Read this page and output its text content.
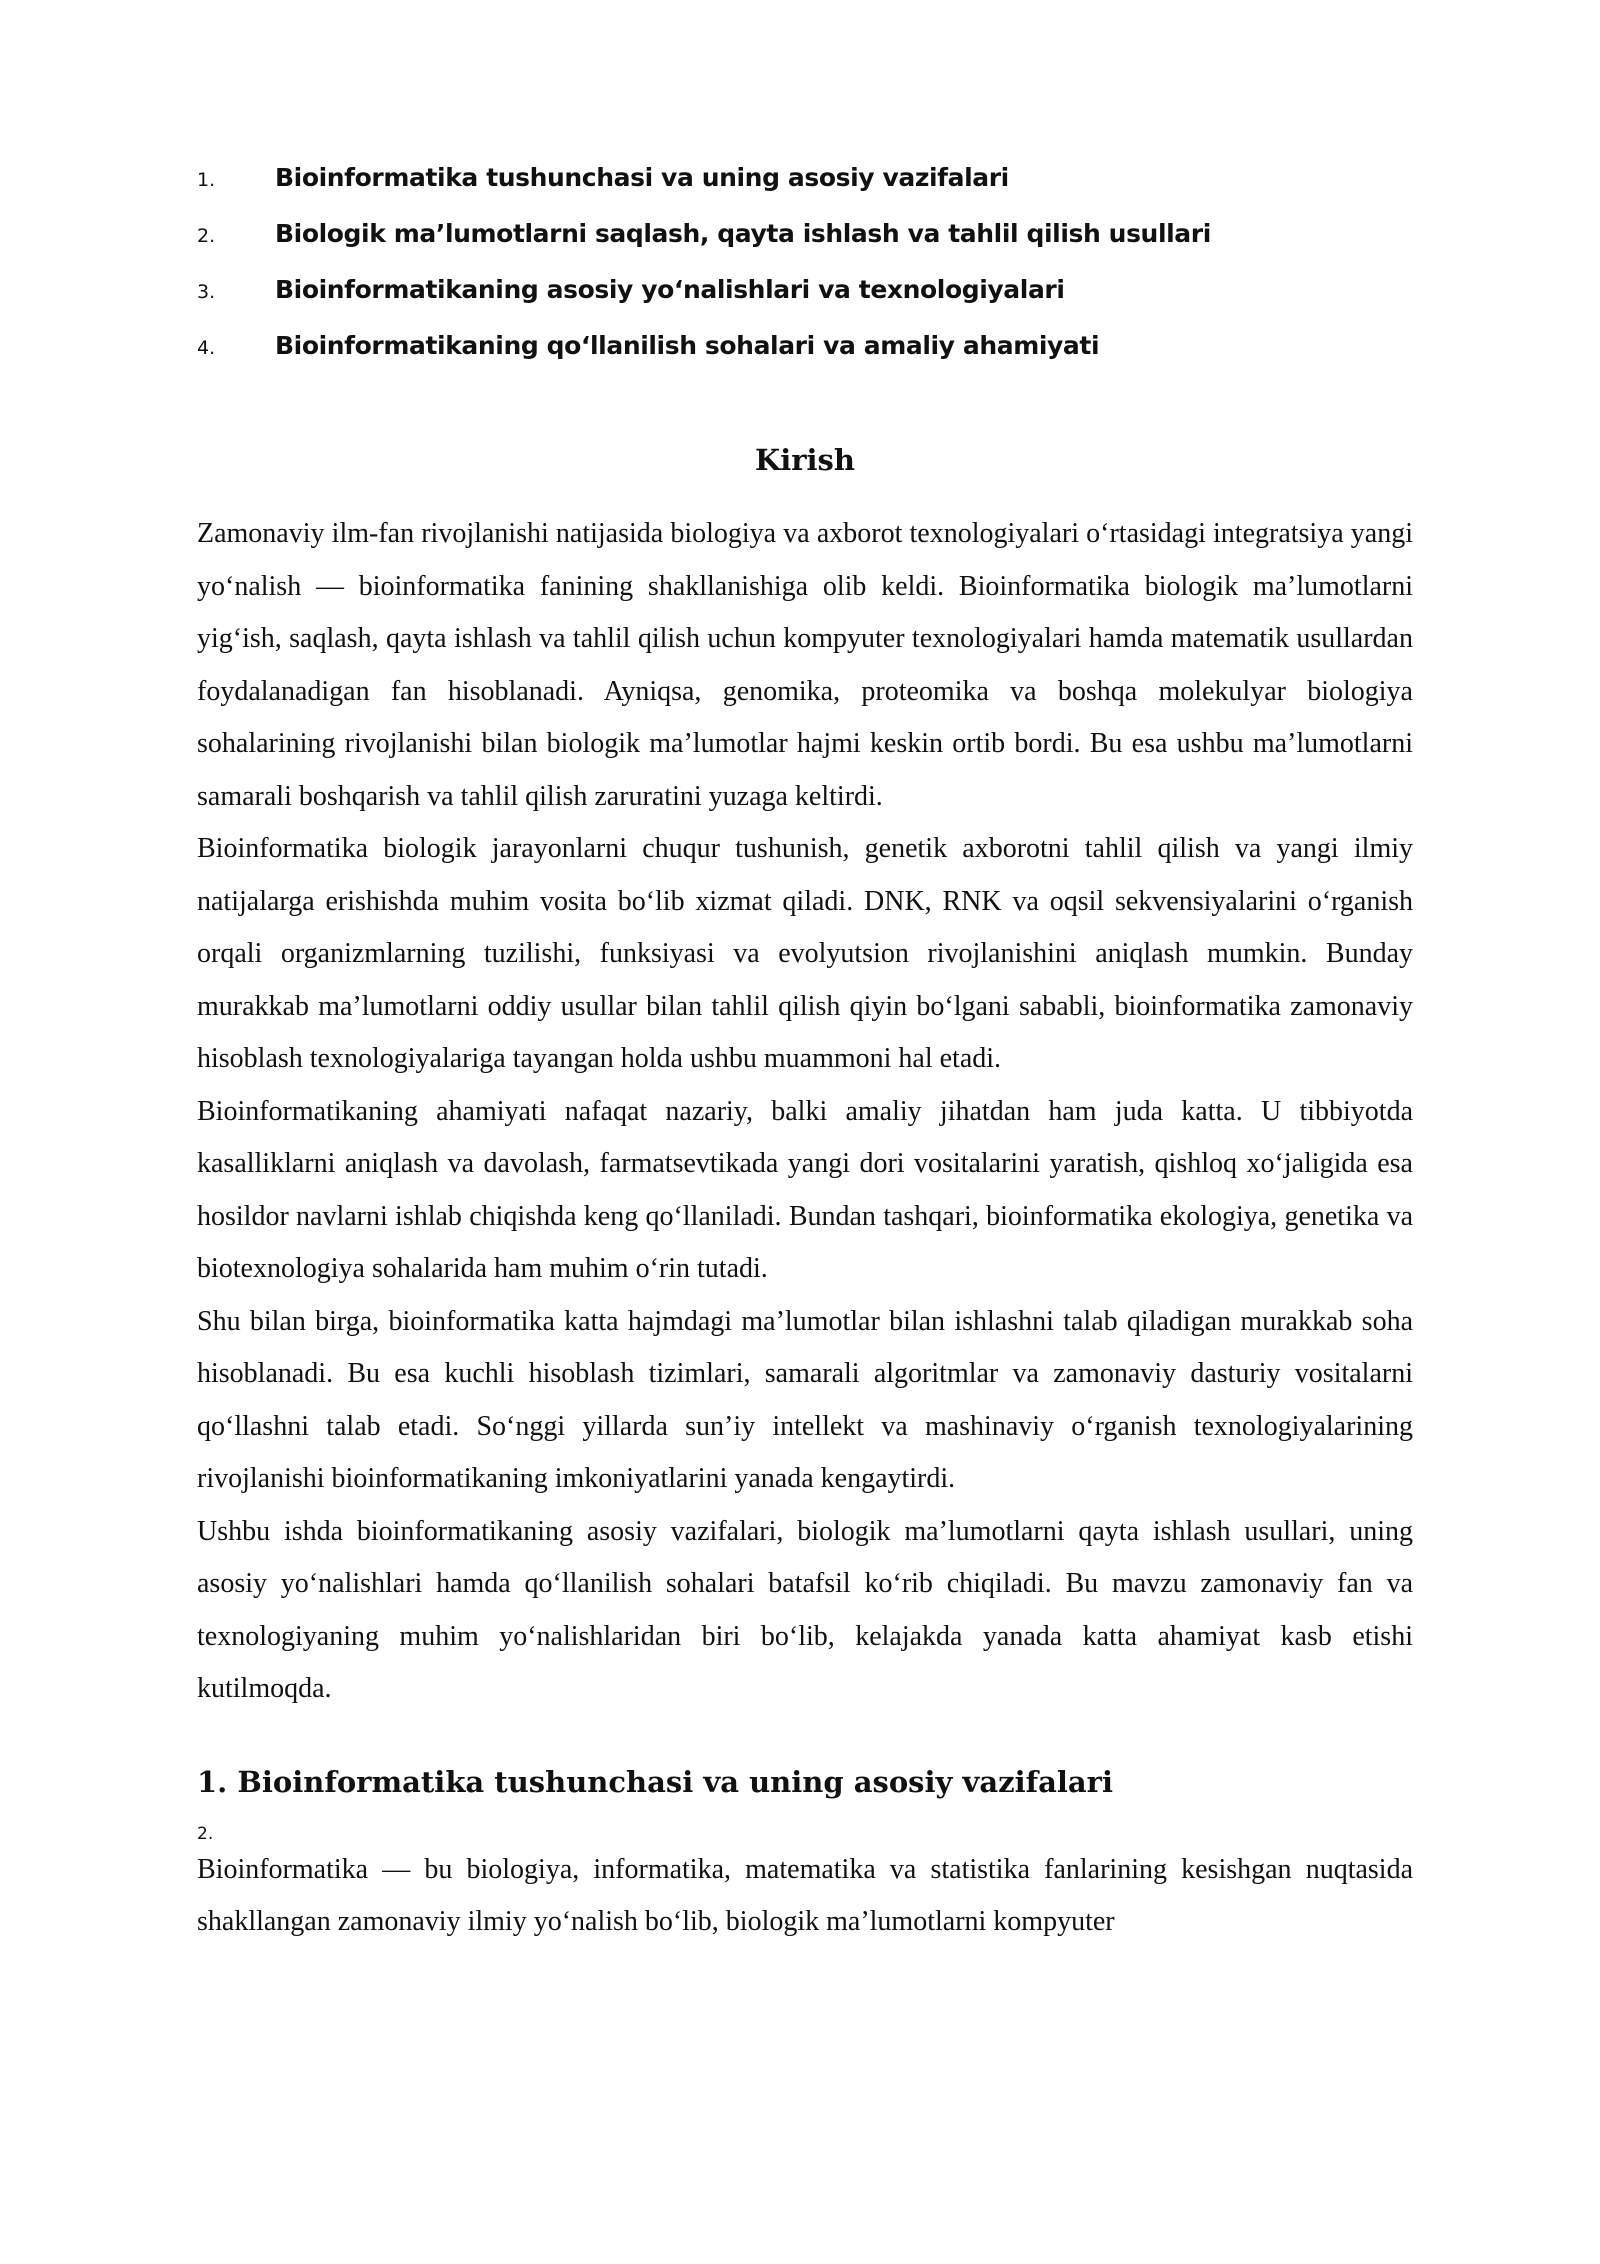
1.	Bioinformatika tushunchasi va uning asosiy vazifalari
2.	Biologik ma’lumotlarni saqlash, qayta ishlash va tahlil qilish usullari
3.	Bioinformatikaning asosiy yo‘nalishlari va texnologiyalari
4.	Bioinformatikaning qo‘llanilish sohalari va amaliy ahamiyati
Kirish

Zamonaviy ilm-fan rivojlanishi natijasida biologiya va axborot texnologiyalari o‘rtasidagi integratsiya yangi yo‘nalish — bioinformatika fanining shakllanishiga olib keldi. Bioinformatika biologik ma’lumotlarni yig‘ish, saqlash, qayta ishlash va tahlil qilish uchun kompyuter texnologiyalari hamda matematik usullardan foydalanadigan fan hisoblanadi. Ayniqsa, genomika, proteomika va boshqa molekulyar biologiya sohalarining rivojlanishi bilan biologik ma’lumotlar hajmi keskin ortib bordi. Bu esa ushbu ma’lumotlarni samarali boshqarish va tahlil qilish zaruratini yuzaga keltirdi.

Bioinformatika biologik jarayonlarni chuqur tushunish, genetik axborotni tahlil qilish va yangi ilmiy natijalarga erishishda muhim vosita bo‘lib xizmat qiladi. DNK, RNK va oqsil sekvensiyalarini o‘rganish orqali organizmlarning tuzilishi, funksiyasi va evolyutsion rivojlanishini aniqlash mumkin. Bunday murakkab ma’lumotlarni oddiy usullar bilan tahlil qilish qiyin bo‘lgani sababli, bioinformatika zamonaviy hisoblash texnologiyalariga tayangan holda ushbu muammoni hal etadi.

Bioinformatikaning ahamiyati nafaqat nazariy, balki amaliy jihatdan ham juda katta. U tibbiyotda kasalliklarni aniqlash va davolash, farmatsevtikada yangi dori vositalarini yaratish, qishloq xo‘jaligida esa hosildor navlarni ishlab chiqishda keng qo‘llaniladi. Bundan tashqari, bioinformatika ekologiya, genetika va biotexnologiya sohalarida ham muhim o‘rin tutadi.

Shu bilan birga, bioinformatika katta hajmdagi ma’lumotlar bilan ishlashni talab qiladigan murakkab soha hisoblanadi. Bu esa kuchli hisoblash tizimlari, samarali algoritmlar va zamonaviy dasturiy vositalarni qo‘llashni talab etadi. So‘nggi yillarda sun’iy intellekt va mashinaviy o‘rganish texnologiyalarining rivojlanishi bioinformatikaning imkoniyatlarini yanada kengaytirdi.

Ushbu ishda bioinformatikaning asosiy vazifalari, biologik ma’lumotlarni qayta ishlash usullari, uning asosiy yo‘nalishlari hamda qo‘llanilish sohalari batafsil ko‘rib chiqiladi. Bu mavzu zamonaviy fan va texnologiyaning muhim yo‘nalishlaridan biri bo‘lib, kelajakda yanada katta ahamiyat kasb etishi kutilmoqda.

1. Bioinformatika tushunchasi va uning asosiy vazifalari
2.

Bioinformatika — bu biologiya, informatika, matematika va statistika fanlarining kesishgan nuqtasida shakllangan zamonaviy ilmiy yo‘nalish bo‘lib, biologik ma’lumotlarni kompyuter
